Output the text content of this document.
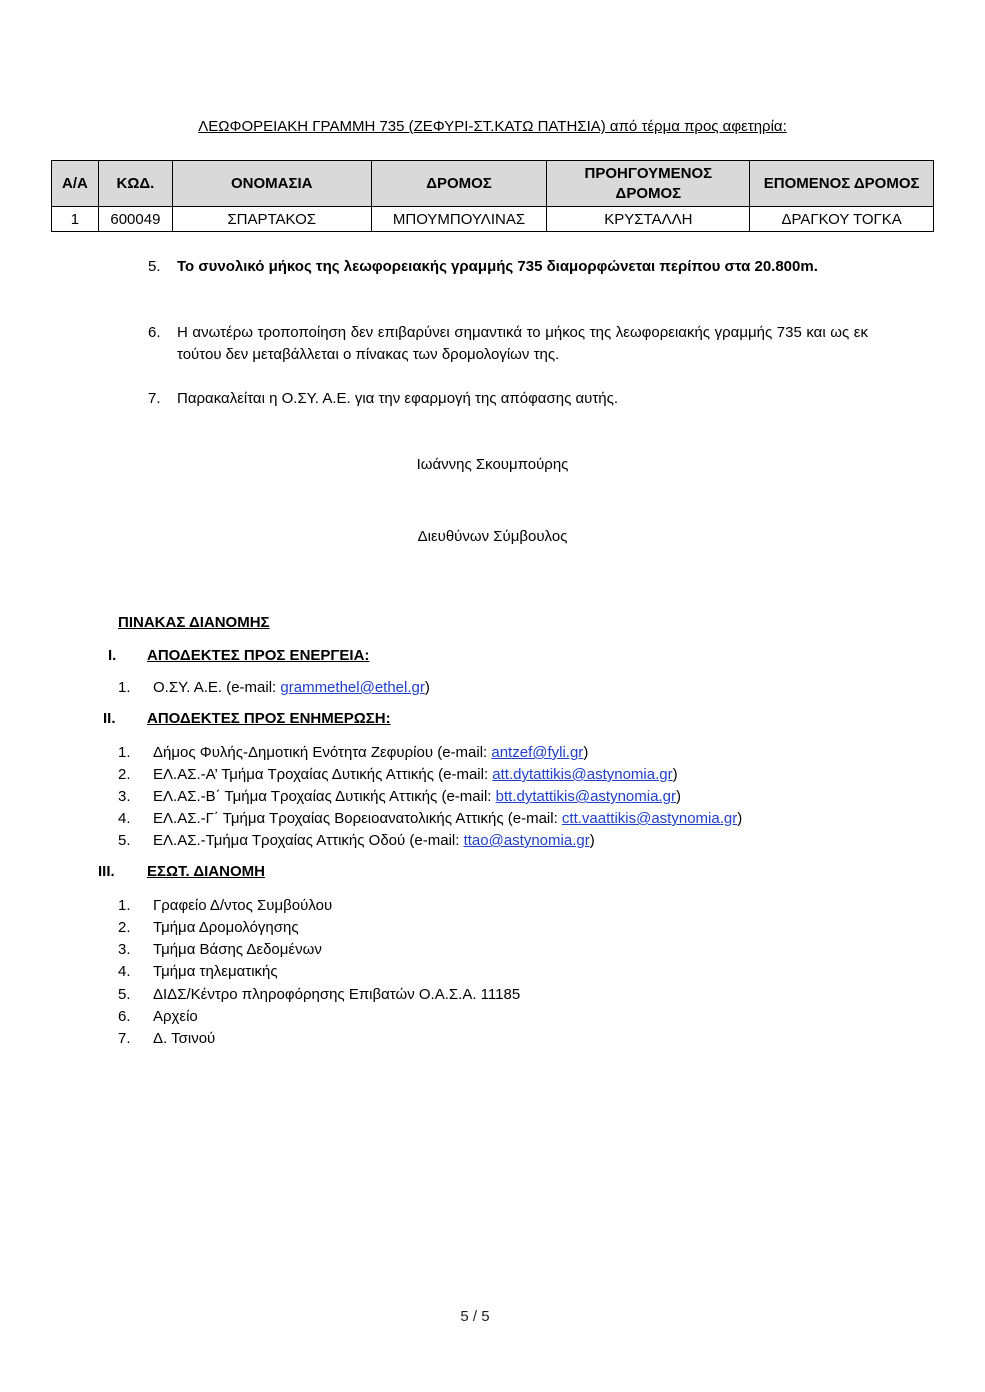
ΛΕΩΦΟΡΕΙΑΚΗ ΓΡΑΜΜΗ 735 (ΖΕΦΥΡΙ-ΣΤ.ΚΑΤΩ ΠΑΤΗΣΙΑ) από τέρμα προς αφετηρία:
Α/Α	ΚΩΔ.	ΟΝΟΜΑΣΙΑ	ΔΡΟΜΟΣ	ΠΡΟΗΓΟΥΜΕΝΟΣ ΔΡΟΜΟΣ	ΕΠΟΜΕΝΟΣ ΔΡΟΜΟΣ
1	600049	ΣΠΑΡΤΑΚΟΣ	ΜΠΟΥΜΠΟΥΛΙΝΑΣ	ΚΡΥΣΤΑΛΛΗ	ΔΡΑΓΚΟΥ ΤΟΓΚΑ
5. Το συνολικό μήκος της λεωφορειακής γραμμής 735 διαμορφώνεται περίπου στα 20.800m.
6. Η ανωτέρω τροποποίηση δεν επιβαρύνει σημαντικά το μήκος της λεωφορειακής γραμμής 735 και ως εκ τούτου δεν μεταβάλλεται ο πίνακας των δρομολογίων της.
7. Παρακαλείται η Ο.ΣΥ. Α.Ε. για την εφαρμογή της απόφασης αυτής.
Ιωάννης Σκουμπούρης
Διευθύνων Σύμβουλος
ΠΙΝΑΚΑΣ ΔΙΑΝΟΜΗΣ
I. ΑΠΟΔΕΚΤΕΣ ΠΡΟΣ ΕΝΕΡΓΕΙΑ:
1. Ο.ΣΥ. Α.Ε. (e-mail: grammethel@ethel.gr)
II. ΑΠΟΔΕΚΤΕΣ ΠΡΟΣ ΕΝΗΜΕΡΩΣΗ:
1. Δήμος Φυλής-Δημοτική Ενότητα Ζεφυρίου (e-mail: antzef@fyli.gr)
2. ΕΛ.ΑΣ.-Α’ Τμήμα Τροχαίας Δυτικής Αττικής (e-mail: att.dytattikis@astynomia.gr)
3. ΕΛ.ΑΣ.-Β΄ Τμήμα Τροχαίας Δυτικής Αττικής (e-mail: btt.dytattikis@astynomia.gr)
4. ΕΛ.ΑΣ.-Γ΄ Τμήμα Τροχαίας Βορειοανατολικής Αττικής (e-mail: ctt.vaattikis@astynomia.gr)
5. ΕΛ.ΑΣ.-Τμήμα Τροχαίας Αττικής Οδού (e-mail: ttao@astynomia.gr)
III. ΕΣΩΤ. ΔΙΑΝΟΜΗ
1. Γραφείο Δ/ντος Συμβούλου
2. Τμήμα Δρομολόγησης
3. Τμήμα Βάσης Δεδομένων
4. Τμήμα τηλεματικής
5. ΔΙΔΣ/Κέντρο πληροφόρησης Επιβατών Ο.Α.Σ.Α. 11185
6. Αρχείο
7. Δ. Τσινού
5 / 5
